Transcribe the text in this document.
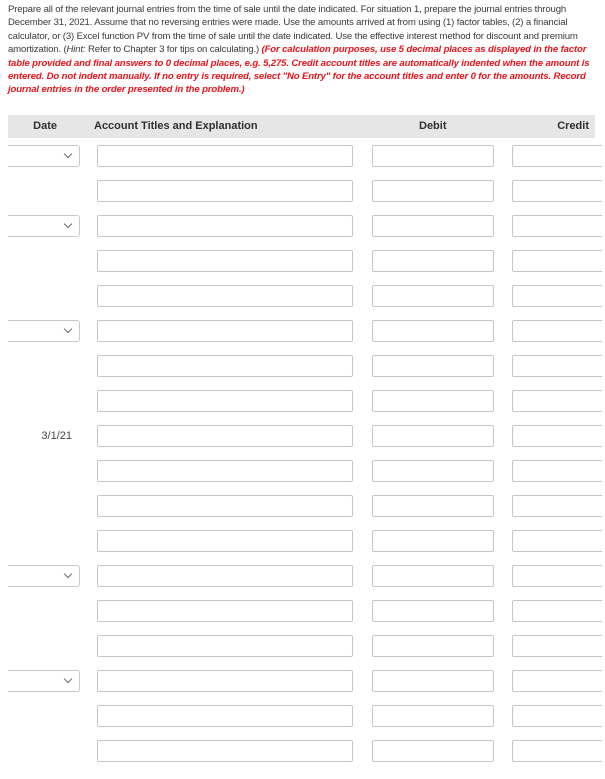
Prepare all of the relevant journal entries from the time of sale until the date indicated. For situation 1, prepare the journal entries through December 31, 2021. Assume that no reversing entries were made. Use the amounts arrived at from using (1) factor tables, (2) a financial calculator, or (3) Excel function PV from the time of sale until the date indicated. Use the effective interest method for discount and premium amortization. (Hint: Refer to Chapter 3 for tips on calculating.) (For calculation purposes, use 5 decimal places as displayed in the factor table provided and final answers to 0 decimal places, e.g. 5,275. Credit account titles are automatically indented when the amount is entered. Do not indent manually. If no entry is required, select "No Entry" for the account titles and enter 0 for the amounts. Record journal entries in the order presented in the problem.)
Date	Account Titles and Explanation	Debit	Credit
3/1/21
